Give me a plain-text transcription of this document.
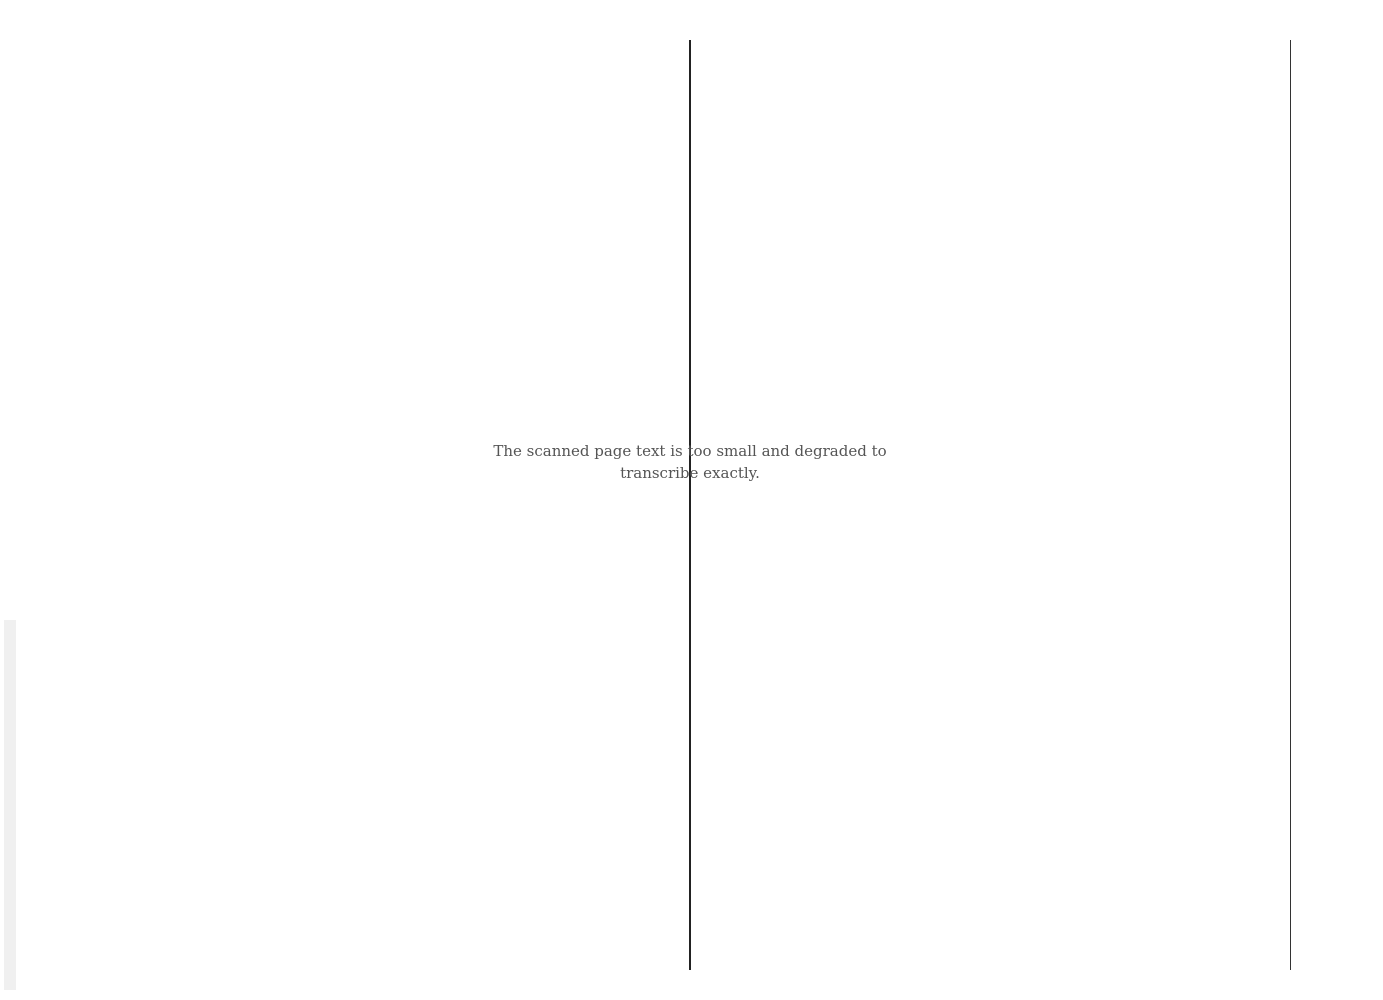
The scanned page text is too small and degraded to transcribe exactly.
